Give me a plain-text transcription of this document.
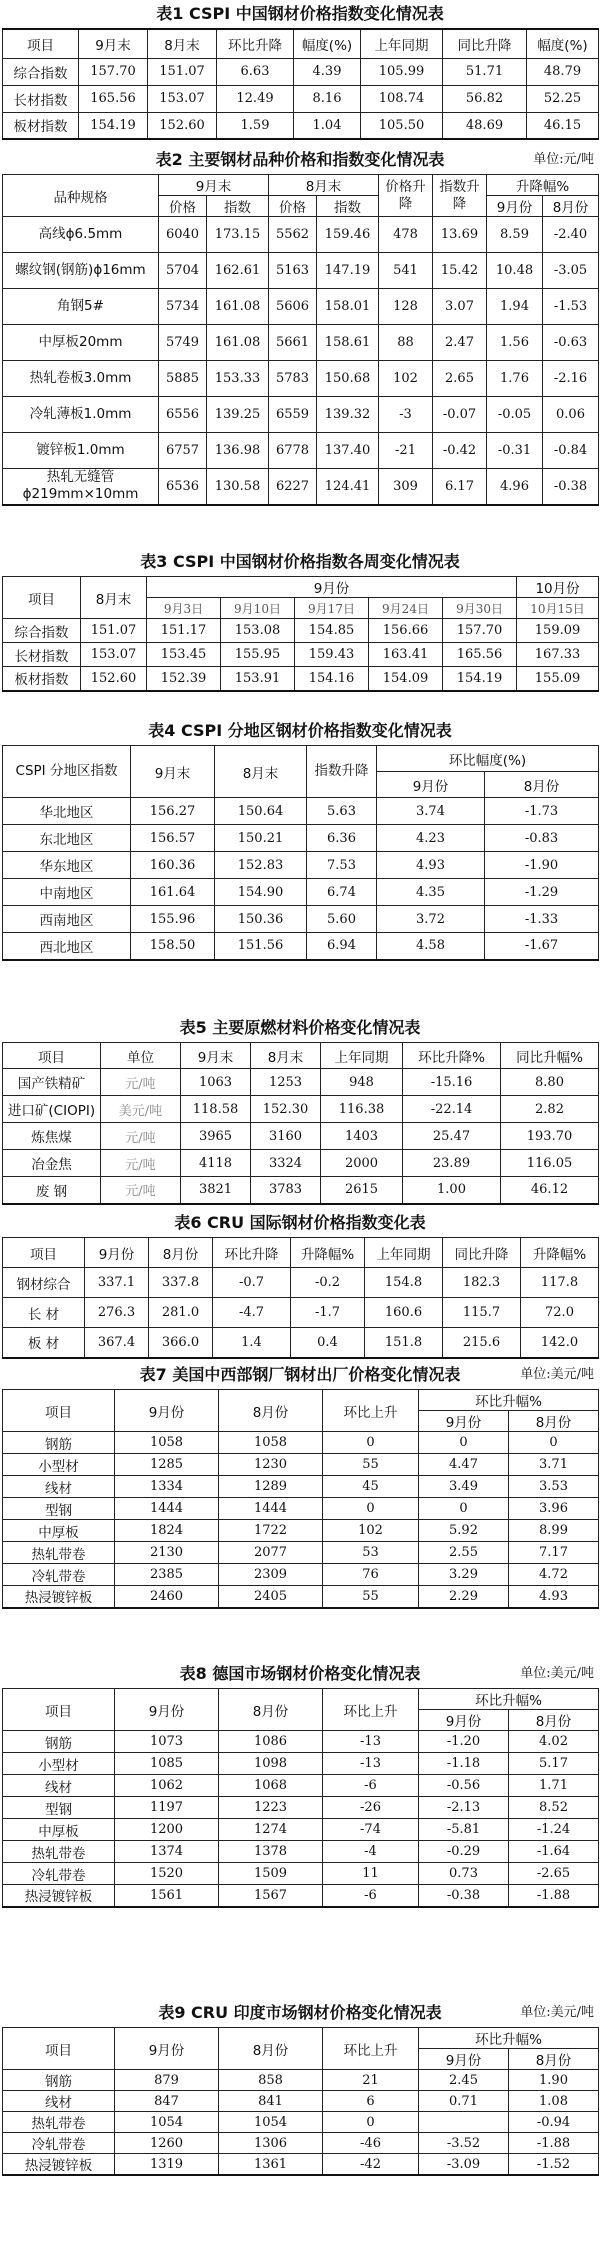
表1 CSPI 中国钢材价格指数变化情况表
项目	9月末	8月末	环比升降	幅度(%)	上年同期	同比升降	幅度(%)
综合指数	157.70	151.07	6.63	4.39	105.99	51.71	48.79
长材指数	165.56	153.07	12.49	8.16	108.74	56.82	52.25
板材指数	154.19	152.60	1.59	1.04	105.50	48.69	46.15
表2 主要钢材品种价格和指数变化情况表	单位:元/吨
品种规格	9月末		8月末		价格升降	指数升降	升降幅%	
	价格	指数	价格	指数			9月份	8月份
高线ɸ6.5mm	6040	173.15	5562	159.46	478	13.69	8.59	-2.40
螺纹钢(钢筋)ɸ16mm	5704	162.61	5163	147.19	541	15.42	10.48	-3.05
角钢5#	5734	161.08	5606	158.01	128	3.07	1.94	-1.53
中厚板20mm	5749	161.08	5661	158.61	88	2.47	1.56	-0.63
热轧卷板3.0mm	5885	153.33	5783	150.68	102	2.65	1.76	-2.16
冷轧薄板1.0mm	6556	139.25	6559	139.32	-3	-0.07	-0.05	0.06
镀锌板1.0mm	6757	136.98	6778	137.40	-21	-0.42	-0.31	-0.84
热轧无缝管 ɸ219mm×10mm	6536	130.58	6227	124.41	309	6.17	4.96	-0.38
表3 CSPI 中国钢材价格指数各周变化情况表
项目	8月末	9月份					10月份
		9月3日	9月10日	9月17日	9月24日	9月30日	10月15日
综合指数	151.07	151.17	153.08	154.85	156.66	157.70	159.09
长材指数	153.07	153.45	155.95	159.43	163.41	165.56	167.33
板材指数	152.60	152.39	153.91	154.16	154.09	154.19	155.09
表4 CSPI 分地区钢材价格指数变化情况表
CSPI 分地区指数	9月末	8月末	指数升降	环比幅度(%)	
				9月份	8月份
华北地区	156.27	150.64	5.63	3.74	-1.73
东北地区	156.57	150.21	6.36	4.23	-0.83
华东地区	160.36	152.83	7.53	4.93	-1.90
中南地区	161.64	154.90	6.74	4.35	-1.29
西南地区	155.96	150.36	5.60	3.72	-1.33
西北地区	158.50	151.56	6.94	4.58	-1.67
表5 主要原燃材料价格变化情况表
项目	单位	9月末	8月末	上年同期	环比升降%	同比升幅%
国产铁精矿	元/吨	1063	1253	948	-15.16	8.80
进口矿(CIOPI)	美元/吨	118.58	152.30	116.38	-22.14	2.82
炼焦煤	元/吨	3965	3160	1403	25.47	193.70
冶金焦	元/吨	4118	3324	2000	23.89	116.05
废 钢	元/吨	3821	3783	2615	1.00	46.12
表6 CRU 国际钢材价格指数变化表
项目	9月份	8月份	环比升降	升降幅%	上年同期	同比升降	升降幅%
钢材综合	337.1	337.8	-0.7	-0.2	154.8	182.3	117.8
长 材	276.3	281.0	-4.7	-1.7	160.6	115.7	72.0
板 材	367.4	366.0	1.4	0.4	151.8	215.6	142.0
表7 美国中西部钢厂钢材出厂价格变化情况表	单位:美元/吨
项目	9月份	8月份	环比上升	环比升幅%	
				9月份	8月份
钢筋	1058	1058	0	0	0
小型材	1285	1230	55	4.47	3.71
线材	1334	1289	45	3.49	3.53
型钢	1444	1444	0	0	3.96
中厚板	1824	1722	102	5.92	8.99
热轧带卷	2130	2077	53	2.55	7.17
冷轧带卷	2385	2309	76	3.29	4.72
热浸镀锌板	2460	2405	55	2.29	4.93
表8 德国市场钢材价格变化情况表	单位:美元/吨
项目	9月份	8月份	环比上升	环比升幅%	
				9月份	8月份
钢筋	1073	1086	-13	-1.20	4.02
小型材	1085	1098	-13	-1.18	5.17
线材	1062	1068	-6	-0.56	1.71
型钢	1197	1223	-26	-2.13	8.52
中厚板	1200	1274	-74	-5.81	-1.24
热轧带卷	1374	1378	-4	-0.29	-1.64
冷轧带卷	1520	1509	11	0.73	-2.65
热浸镀锌板	1561	1567	-6	-0.38	-1.88
表9 CRU 印度市场钢材价格变化情况表	单位:美元/吨
项目	9月份	8月份	环比上升	环比升幅%	
				9月份	8月份
钢筋	879	858	21	2.45	1.90
线材	847	841	6	0.71	1.08
热轧带卷	1054	1054	0		-0.94
冷轧带卷	1260	1306	-46	-3.52	-1.88
热浸镀锌板	1319	1361	-42	-3.09	-1.52
